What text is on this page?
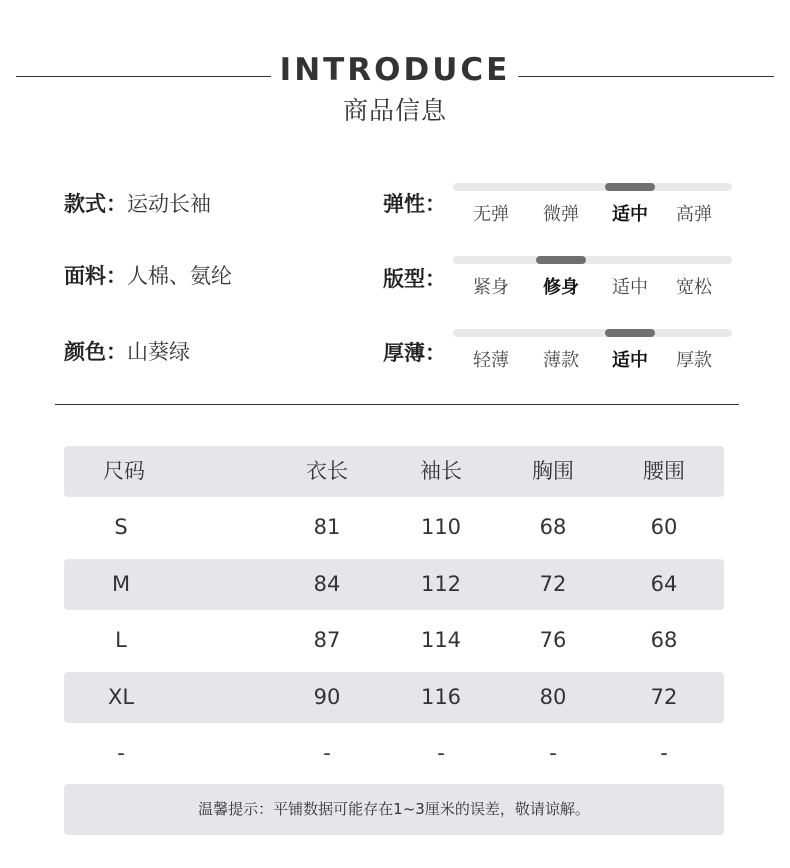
INTRODUCE
商品信息
款式：运动长袖
面料：人棉、氨纶
颜色：山葵绿
弹性：	无弹	微弹	适中	高弹
版型：	紧身	修身	适中	宽松
厚薄：	轻薄	薄款	适中	厚款
尺码	衣长	袖长	胸围	腰围
S	81	110	68	60
M	84	112	72	64
L	87	114	76	68
XL	90	116	80	72
-	-	-	-	-
温馨提示：平铺数据可能存在1~3厘米的误差，敬请谅解。
